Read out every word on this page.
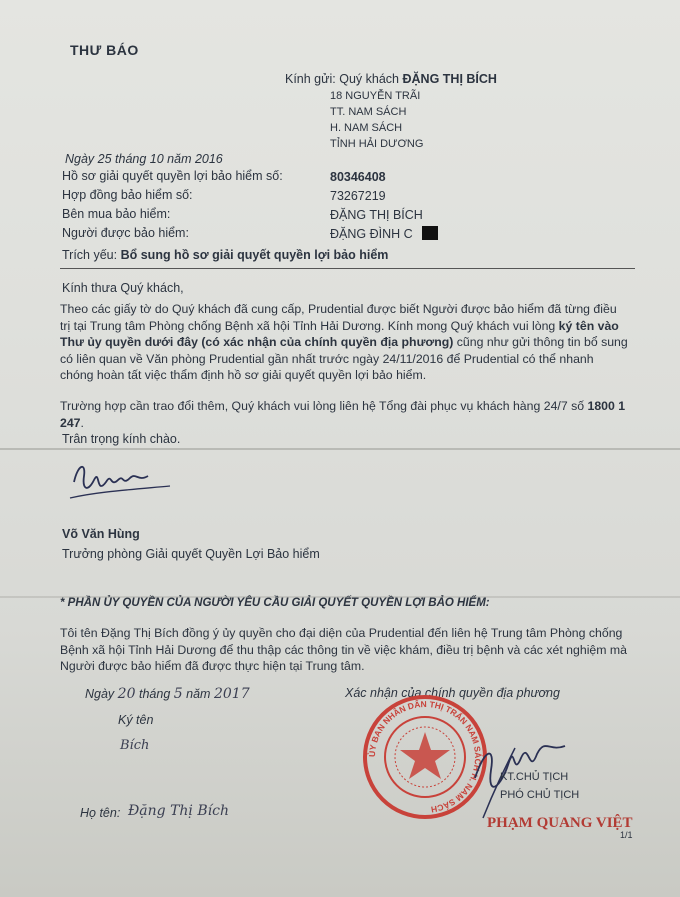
THƯ BÁO
Kính gửi: Quý khách ĐẶNG THỊ BÍCH
18 NGUYỄN TRÃI
TT. NAM SÁCH
H. NAM SÁCH
TỈNH HẢI DƯƠNG
Ngày 25 tháng 10 năm 2016
Hồ sơ giải quyết quyền lợi bảo hiểm số:	80346408
Hợp đồng bảo hiểm số:	73267219
Bên mua bảo hiểm:	ĐẶNG THỊ BÍCH
Người được bảo hiểm:	ĐẶNG ĐÌNH C
Trích yếu: Bổ sung hồ sơ giải quyết quyền lợi bảo hiểm
Kính thưa Quý khách,
Theo các giấy tờ do Quý khách đã cung cấp, Prudential được biết Người được bảo hiểm đã từng điều trị tại Trung tâm Phòng chống Bệnh xã hội Tỉnh Hải Dương. Kính mong Quý khách vui lòng ký tên vào Thư ủy quyền dưới đây (có xác nhận của chính quyền địa phương) cũng như gửi thông tin bổ sung có liên quan về Văn phòng Prudential gần nhất trước ngày 24/11/2016 để Prudential có thể nhanh chóng hoàn tất việc thẩm định hồ sơ giải quyết quyền lợi bảo hiểm.
Trường hợp cần trao đổi thêm, Quý khách vui lòng liên hệ Tổng đài phục vụ khách hàng 24/7 số 1800 1 247.
Trân trọng kính chào.
Vvhue
Võ Văn Hùng
Trưởng phòng Giải quyết Quyền Lợi Bảo hiểm
* PHẦN ỦY QUYỀN CỦA NGƯỜI YÊU CẦU GIẢI QUYẾT QUYỀN LỢI BẢO HIỂM:
Tôi tên Đặng Thị Bích đồng ý ủy quyền cho đại diện của Prudential đến liên hệ Trung tâm Phòng chống Bệnh xã hội Tỉnh Hải Dương để thu thập các thông tin về việc khám, điều trị bệnh và các xét nghiệm mà Người được bảo hiểm đã được thực hiện tại Trung tâm.
Ngày 20 tháng 5 năm 2017
Ký tên
Bích
Họ tên: Đặng Thị Bích
Xác nhận của chính quyền địa phương
ỦY BAN NHÂN DÂN THỊ TRẤN NAM SÁCH H. NAM SÁCH
KT.CHỦ TỊCH
PHÓ CHỦ TỊCH
PHẠM QUANG VIỆT
1/1
